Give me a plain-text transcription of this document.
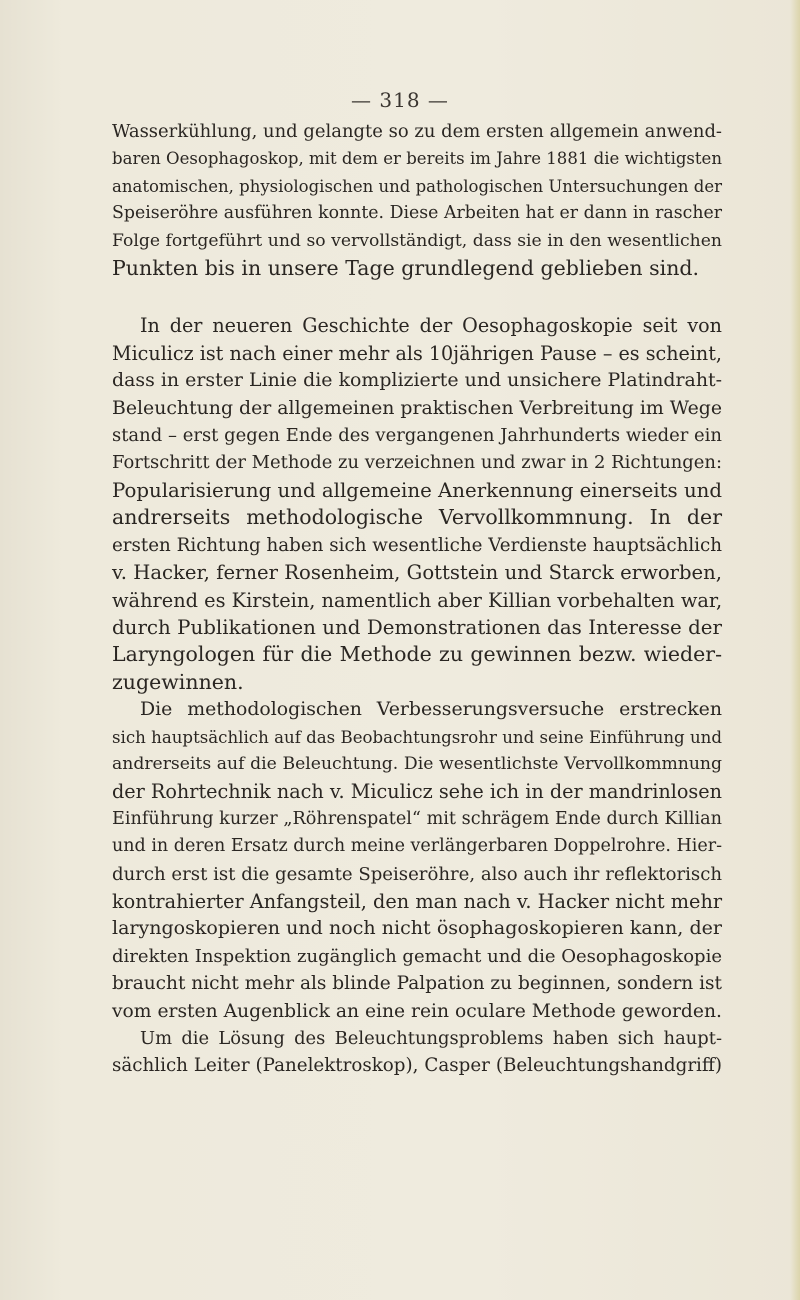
— 318 —

Wasserkühlung, und gelangte so zu dem ersten allgemein anwend-
baren Oesophagoskop, mit dem er bereits im Jahre 1881 die wichtigsten
anatomischen, physiologischen und pathologischen Untersuchungen der
Speiseröhre ausführen konnte. Diese Arbeiten hat er dann in rascher
Folge fortgeführt und so vervollständigt, dass sie in den wesentlichen
Punkten bis in unsere Tage grundlegend geblieben sind.

In der neueren Geschichte der Oesophagoskopie seit von
Miculicz ist nach einer mehr als 10jährigen Pause – es scheint,
dass in erster Linie die komplizierte und unsichere Platindraht-
Beleuchtung der allgemeinen praktischen Verbreitung im Wege
stand – erst gegen Ende des vergangenen Jahrhunderts wieder ein
Fortschritt der Methode zu verzeichnen und zwar in 2 Richtungen:
Popularisierung und allgemeine Anerkennung einerseits und
andrerseits methodologische Vervollkommnung. In der
ersten Richtung haben sich wesentliche Verdienste hauptsächlich
v. Hacker, ferner Rosenheim, Gottstein und Starck erworben,
während es Kirstein, namentlich aber Killian vorbehalten war,
durch Publikationen und Demonstrationen das Interesse der
Laryngologen für die Methode zu gewinnen bezw. wieder-
zugewinnen.

Die methodologischen Verbesserungsversuche erstrecken
sich hauptsächlich auf das Beobachtungsrohr und seine Einführung und
andrerseits auf die Beleuchtung. Die wesentlichste Vervollkommnung
der Rohrtechnik nach v. Miculicz sehe ich in der mandrinlosen
Einführung kurzer „Röhrenspatel“ mit schrägem Ende durch Killian
und in deren Ersatz durch meine verlängerbaren Doppelrohre. Hier-
durch erst ist die gesamte Speiseröhre, also auch ihr reflektorisch
kontrahierter Anfangsteil, den man nach v. Hacker nicht mehr
laryngoskopieren und noch nicht ösophagoskopieren kann, der
direkten Inspektion zugänglich gemacht und die Oesophagoskopie
braucht nicht mehr als blinde Palpation zu beginnen, sondern ist
vom ersten Augenblick an eine rein oculare Methode geworden.

Um die Lösung des Beleuchtungsproblems haben sich haupt-
sächlich Leiter (Panelektroskop), Casper (Beleuchtungshandgriff)
